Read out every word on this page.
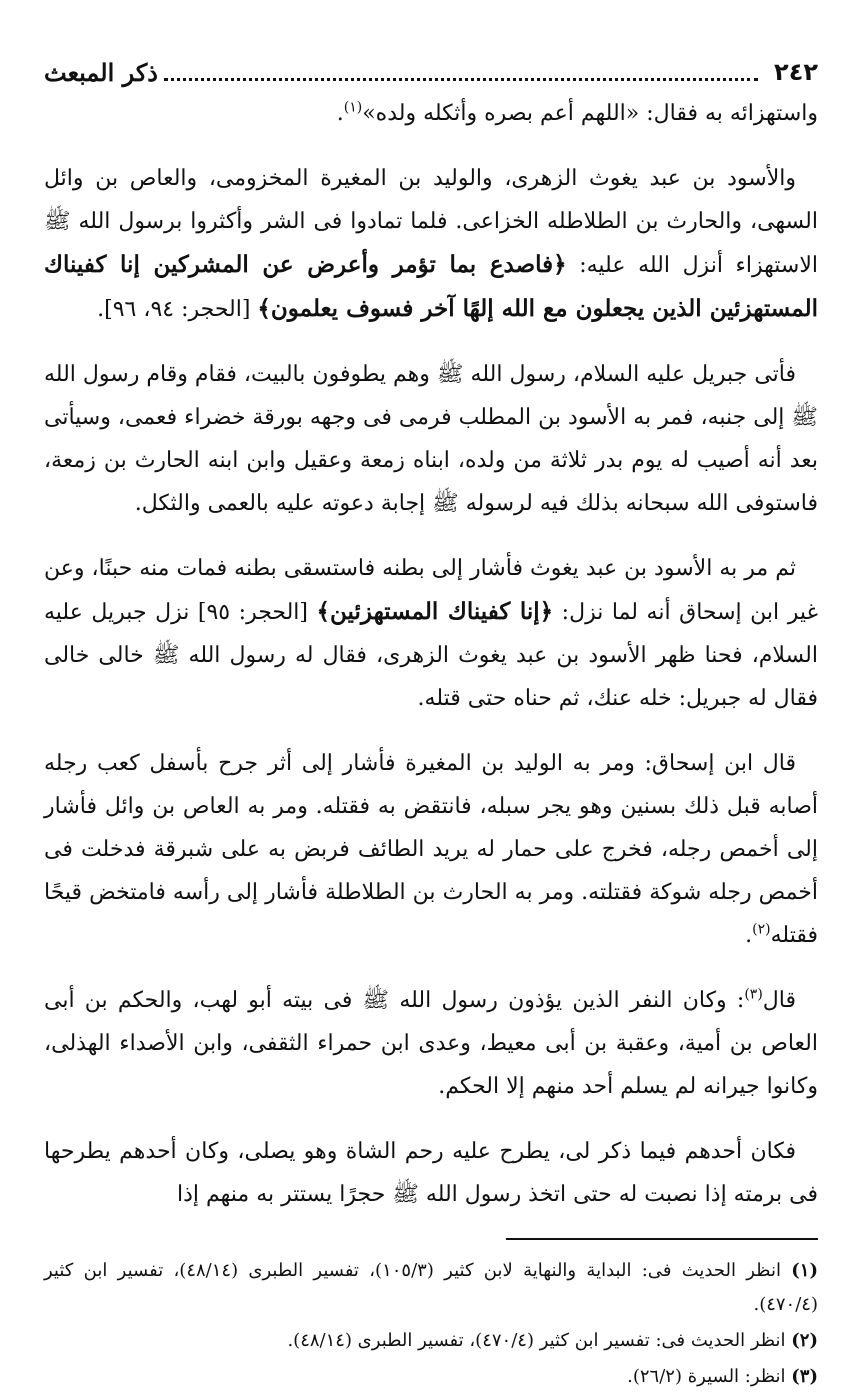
٢٤٢
ذكر المبعث

واستهزائه به فقال: «اللهم أعم بصره وأثكله ولده»$^{(١)}$.

والأسود بن عبد يغوث الزهرى، والوليد بن المغيرة المخزومى، والعاص بن وائل السهى، والحارث بن الطلاطله الخزاعى. فلما تمادوا فى الشر وأكثروا برسول الله ﷺ الاستهزاء أنزل الله عليه: ﴿فاصدع بما تؤمر وأعرض عن المشركين إنا كفيناك المستهزئين الذين يجعلون مع الله إلهًا آخر فسوف يعلمون﴾ [الحجر: ٩٤، ٩٦].

فأتى جبريل عليه السلام، رسول الله ﷺ وهم يطوفون بالبيت، فقام وقام رسول الله ﷺ إلى جنبه، فمر به الأسود بن المطلب فرمى فى وجهه بورقة خضراء فعمى، وسيأتى بعد أنه أصيب له يوم بدر ثلاثة من ولده، ابناه زمعة وعقيل وابن ابنه الحارث بن زمعة، فاستوفى الله سبحانه بذلك فيه لرسوله ﷺ إجابة دعوته عليه بالعمى والثكل.

ثم مر به الأسود بن عبد يغوث فأشار إلى بطنه فاستسقى بطنه فمات منه حبنًا، وعن غير ابن إسحاق أنه لما نزل: ﴿إنا كفيناك المستهزئين﴾ [الحجر: ٩٥] نزل جبريل عليه السلام، فحنا ظهر الأسود بن عبد يغوث الزهرى، فقال له رسول الله ﷺ خالى خالى فقال له جبريل: خله عنك، ثم حناه حتى قتله.

قال ابن إسحاق: ومر به الوليد بن المغيرة فأشار إلى أثر جرح بأسفل كعب رجله أصابه قبل ذلك بسنين وهو يجر سبله، فانتقض به فقتله. ومر به العاص بن وائل فأشار إلى أخمص رجله، فخرج على حمار له يريد الطائف فربض به على شبرقة فدخلت فى أخمص رجله شوكة فقتلته. ومر به الحارث بن الطلاطلة فأشار إلى رأسه فامتخض قيحًا فقتله$^{(٢)}$.

قال$^{(٣)}$: وكان النفر الذين يؤذون رسول الله ﷺ فى بيته أبو لهب، والحكم بن أبى العاص بن أمية، وعقبة بن أبى معيط، وعدى ابن حمراء الثقفى، وابن الأصداء الهذلى، وكانوا جيرانه لم يسلم أحد منهم إلا الحكم.

فكان أحدهم فيما ذكر لى، يطرح عليه رحم الشاة وهو يصلى، وكان أحدهم يطرحها فى برمته إذا نصبت له حتى اتخذ رسول الله ﷺ حجرًا يستتر به منهم إذا

(١) انظر الحديث فى: البداية والنهاية لابن كثير (١٠٥/٣)، تفسير الطبرى (٤٨/١٤)، تفسير ابن كثير (٤٧٠/٤).
(٢) انظر الحديث فى: تفسير ابن كثير (٤٧٠/٤)، تفسير الطبرى (٤٨/١٤).
(٣) انظر: السيرة (٢٦/٢).
